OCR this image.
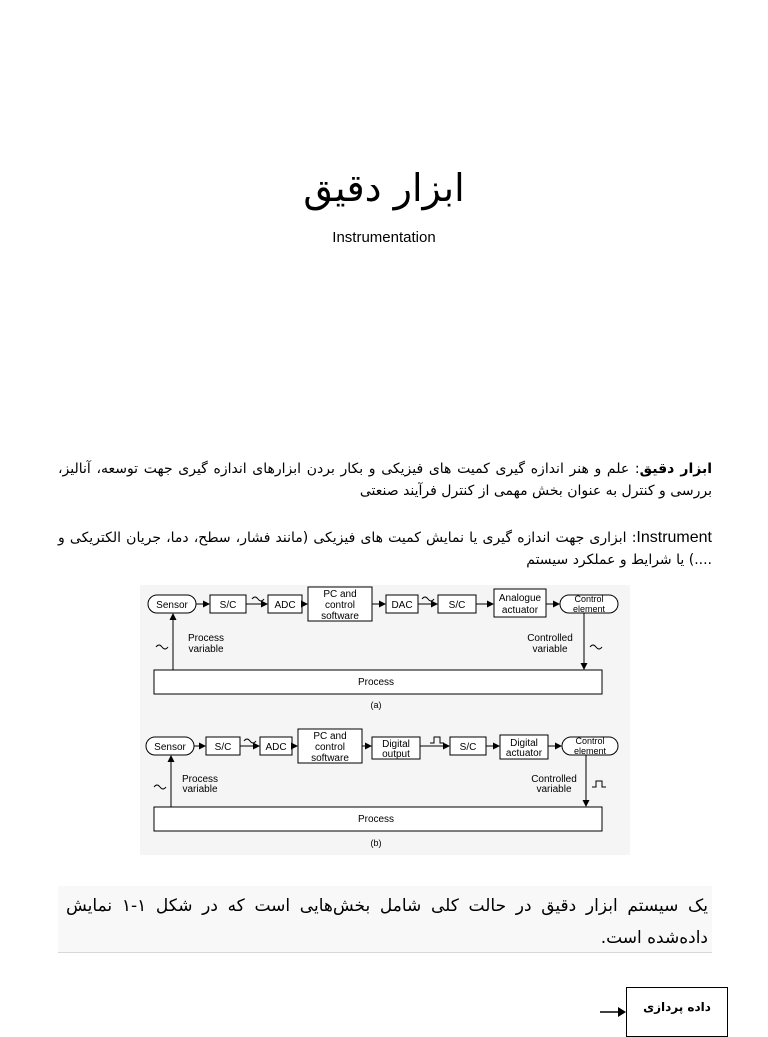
ابزار دقیق
Instrumentation
ابزار دقیق: علم و هنر اندازه گیری کمیت های فیزیکی و بکار بردن ابزارهای اندازه گیری جهت توسعه، آنالیز، بررسی و کنترل به عنوان بخش مهمی از کنترل فرآیند صنعتی
Instrument: ابزاری جهت اندازه گیری یا نمایش کمیت های فیزیکی (مانند فشار، سطح، دما، جریان الکتریکی و ....) یا شرایط و عملکرد سیستم
Sensor	S/C	ADC
PC and
control
software
DAC	S/C
Analogue
actuator
Control
element
Process
variable
Controlled
variable
Process
(a)
Sensor	S/C	ADC
PC and
control
software
Digital
output
S/C	Digital
actuator
Control
element
Process
variable
Controlled
variable
Process
(b)
یک سیستم ابزار دقیق در حالت کلی شامل بخش‌هایی است که در شکل ۱-۱ نمایش داده‌شده است.
داده پردازی
